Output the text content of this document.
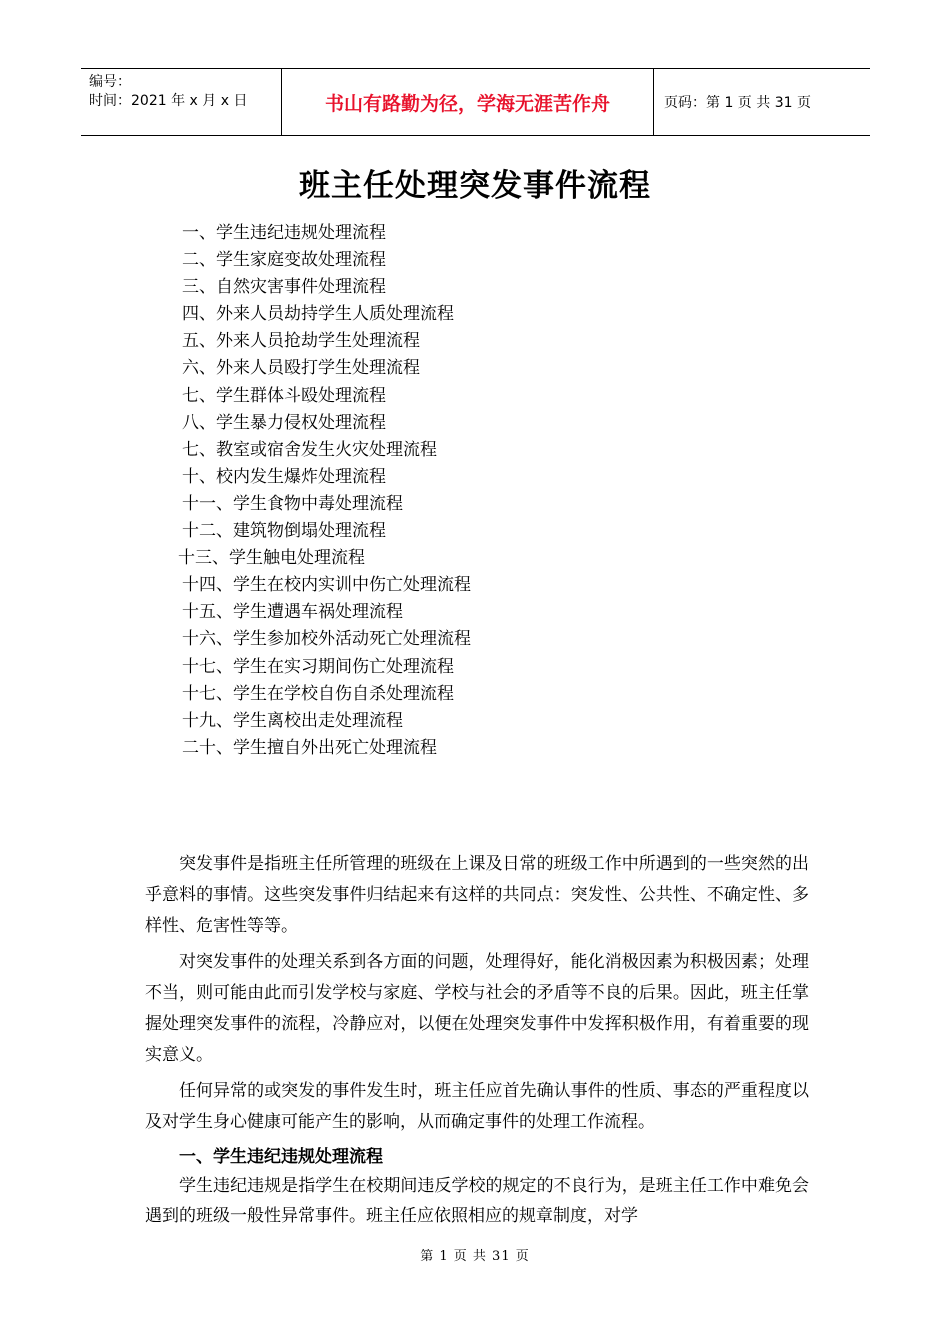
编号：
时间：2021 年 x 月 x 日	书山有路勤为径，学海无涯苦作舟	页码：第 1 页 共 31 页
班主任处理突发事件流程
一、学生违纪违规处理流程
二、学生家庭变故处理流程
三、自然灾害事件处理流程
四、外来人员劫持学生人质处理流程
五、外来人员抢劫学生处理流程
六、外来人员殴打学生处理流程
七、学生群体斗殴处理流程
八、学生暴力侵权处理流程
七、教室或宿舍发生火灾处理流程
十、校内发生爆炸处理流程
十一、学生食物中毒处理流程
十二、建筑物倒塌处理流程
十三、学生触电处理流程
十四、学生在校内实训中伤亡处理流程
十五、学生遭遇车祸处理流程
十六、学生参加校外活动死亡处理流程
十七、学生在实习期间伤亡处理流程
十七、学生在学校自伤自杀处理流程
十九、学生离校出走处理流程
二十、学生擅自外出死亡处理流程

突发事件是指班主任所管理的班级在上课及日常的班级工作中所遇到的一些突然的出乎意料的事情。这些突发事件归结起来有这样的共同点：突发性、公共性、不确定性、多样性、危害性等等。

对突发事件的处理关系到各方面的问题，处理得好，能化消极因素为积极因素；处理不当，则可能由此而引发学校与家庭、学校与社会的矛盾等不良的后果。因此，班主任掌握处理突发事件的流程，冷静应对，以便在处理突发事件中发挥积极作用，有着重要的现实意义。

任何异常的或突发的事件发生时，班主任应首先确认事件的性质、事态的严重程度以及对学生身心健康可能产生的影响，从而确定事件的处理工作流程。

一、学生违纪违规处理流程

学生违纪违规是指学生在校期间违反学校的规定的不良行为，是班主任工作中难免会遇到的班级一般性异常事件。班主任应依照相应的规章制度，对学

第 1 页 共 31 页
